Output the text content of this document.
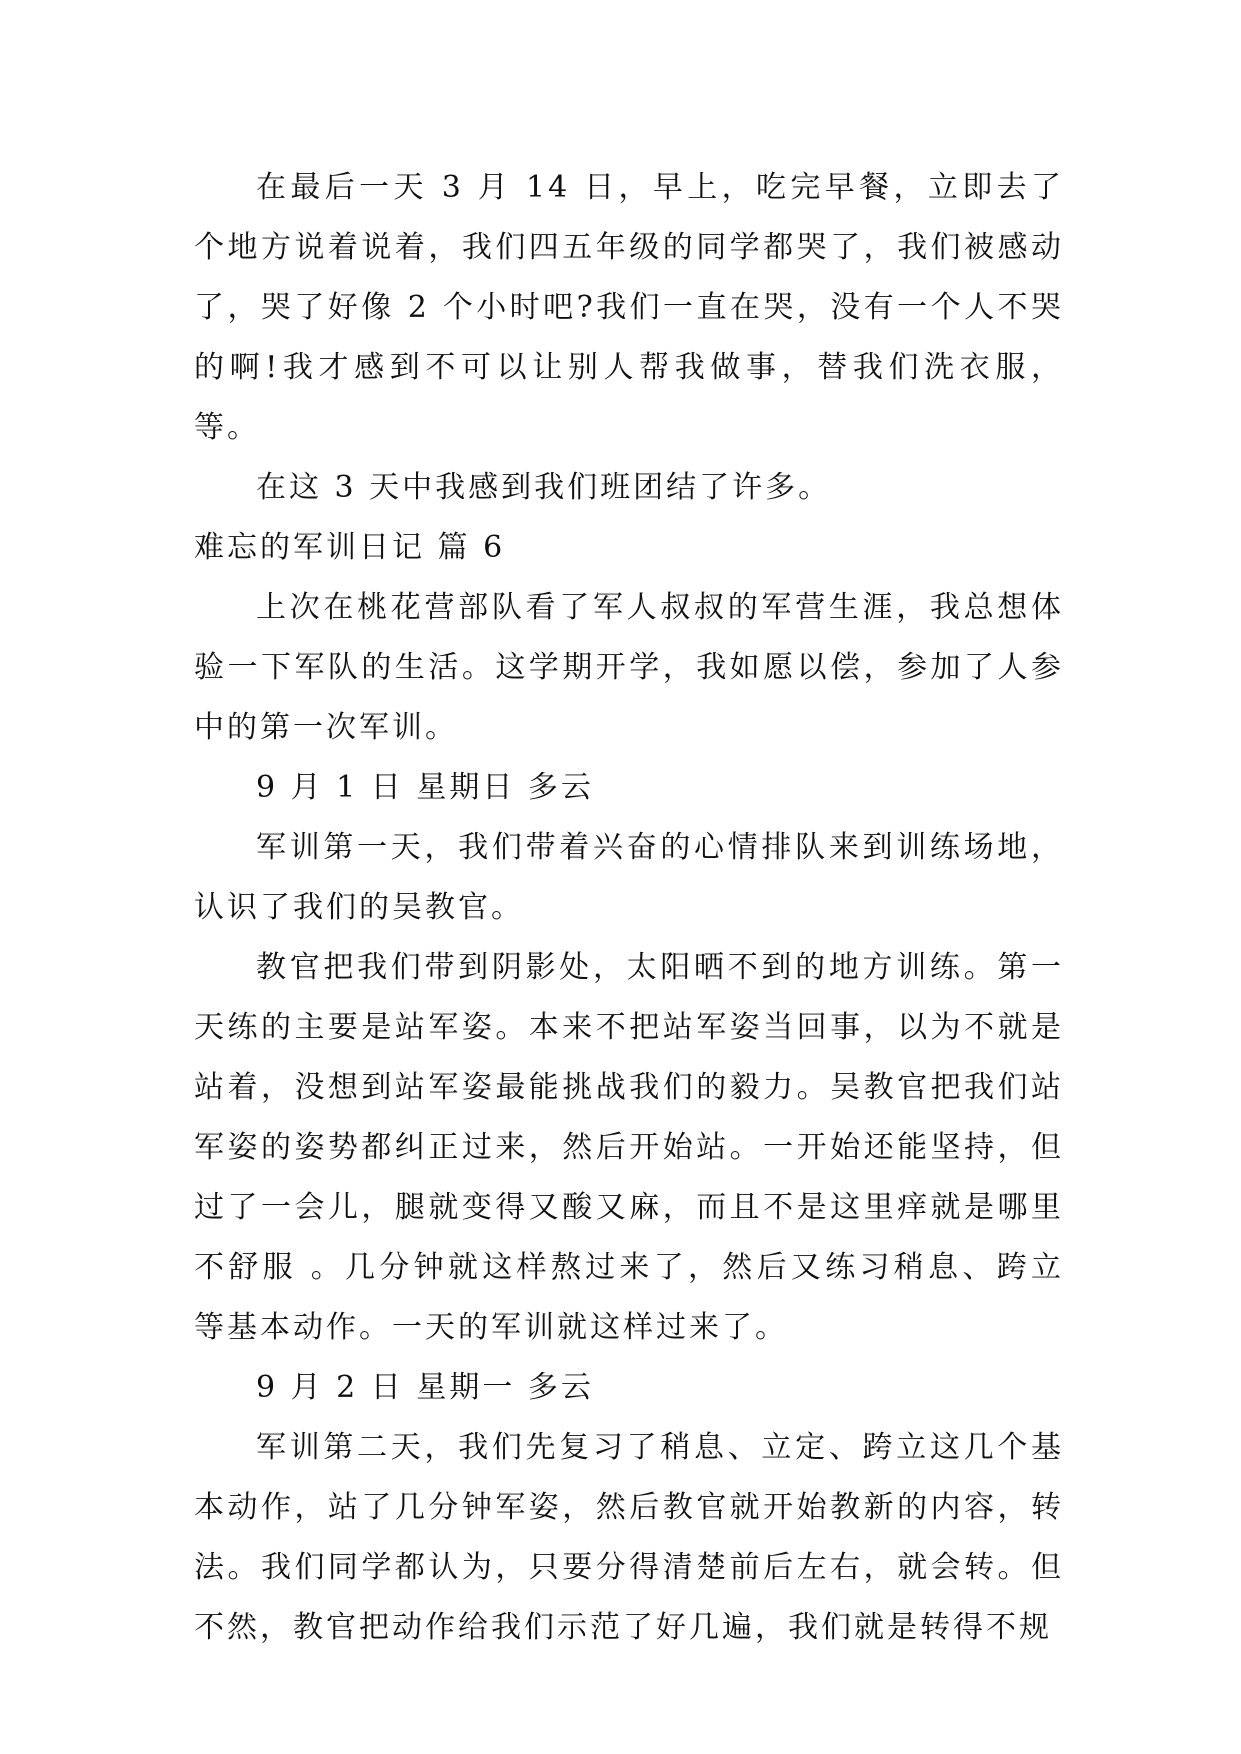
在最后一天 3 月 14 日，早上，吃完早餐，立即去了个地方说着说着，我们四五年级的同学都哭了，我们被感动了，哭了好像 2 个小时吧?我们一直在哭，没有一个人不哭的啊!我才感到不可以让别人帮我做事，替我们洗衣服，等。

在这 3 天中我感到我们班团结了许多。

难忘的军训日记 篇 6

上次在桃花营部队看了军人叔叔的军营生涯，我总想体验一下军队的生活。这学期开学，我如愿以偿，参加了人参中的第一次军训。

9 月 1 日 星期日 多云

军训第一天，我们带着兴奋的心情排队来到训练场地，认识了我们的吴教官。

教官把我们带到阴影处，太阳晒不到的地方训练。第一天练的主要是站军姿。本来不把站军姿当回事，以为不就是站着，没想到站军姿最能挑战我们的毅力。吴教官把我们站军姿的姿势都纠正过来，然后开始站。一开始还能坚持，但过了一会儿，腿就变得又酸又麻，而且不是这里痒就是哪里不舒服 。几分钟就这样熬过来了，然后又练习稍息、跨立等基本动作。一天的军训就这样过来了。

9 月 2 日 星期一 多云

军训第二天，我们先复习了稍息、立定、跨立这几个基本动作，站了几分钟军姿，然后教官就开始教新的内容，转法。我们同学都认为，只要分得清楚前后左右，就会转。但不然，教官把动作给我们示范了好几遍，我们就是转得不规
